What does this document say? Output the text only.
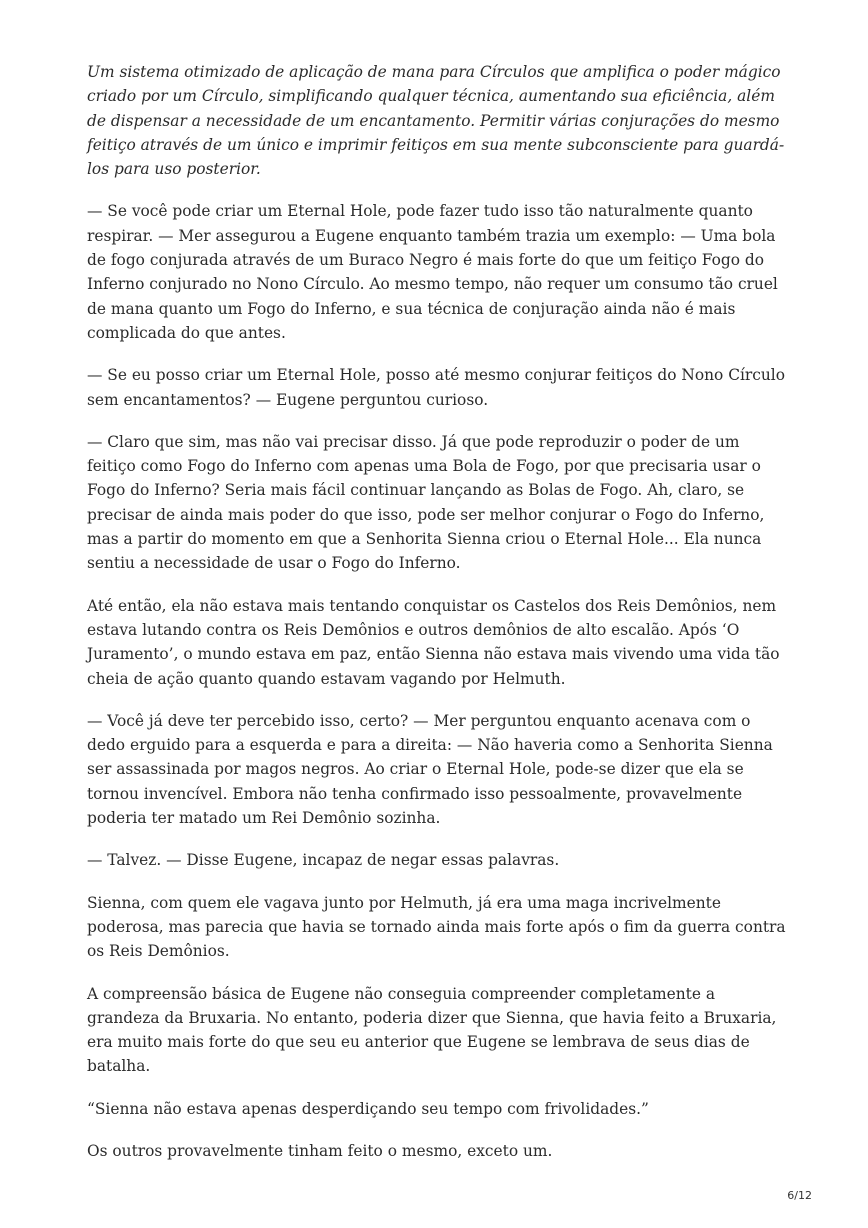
Um sistema otimizado de aplicação de mana para Círculos que amplifica o poder mágico criado por um Círculo, simplificando qualquer técnica, aumentando sua eficiência, além de dispensar a necessidade de um encantamento. Permitir várias conjurações do mesmo feitiço através de um único e imprimir feitiços em sua mente subconsciente para guardá-los para uso posterior.

— Se você pode criar um Eternal Hole, pode fazer tudo isso tão naturalmente quanto respirar. — Mer assegurou a Eugene enquanto também trazia um exemplo: — Uma bola de fogo conjurada através de um Buraco Negro é mais forte do que um feitiço Fogo do Inferno conjurado no Nono Círculo. Ao mesmo tempo, não requer um consumo tão cruel de mana quanto um Fogo do Inferno, e sua técnica de conjuração ainda não é mais complicada do que antes.

— Se eu posso criar um Eternal Hole, posso até mesmo conjurar feitiços do Nono Círculo sem encantamentos? — Eugene perguntou curioso.

— Claro que sim, mas não vai precisar disso. Já que pode reproduzir o poder de um feitiço como Fogo do Inferno com apenas uma Bola de Fogo, por que precisaria usar o Fogo do Inferno? Seria mais fácil continuar lançando as Bolas de Fogo. Ah, claro, se precisar de ainda mais poder do que isso, pode ser melhor conjurar o Fogo do Inferno, mas a partir do momento em que a Senhorita Sienna criou o Eternal Hole... Ela nunca sentiu a necessidade de usar o Fogo do Inferno.

Até então, ela não estava mais tentando conquistar os Castelos dos Reis Demônios, nem estava lutando contra os Reis Demônios e outros demônios de alto escalão. Após ‘O Juramento’, o mundo estava em paz, então Sienna não estava mais vivendo uma vida tão cheia de ação quanto quando estavam vagando por Helmuth.

— Você já deve ter percebido isso, certo? — Mer perguntou enquanto acenava com o dedo erguido para a esquerda e para a direita: — Não haveria como a Senhorita Sienna ser assassinada por magos negros. Ao criar o Eternal Hole, pode-se dizer que ela se tornou invencível. Embora não tenha confirmado isso pessoalmente, provavelmente poderia ter matado um Rei Demônio sozinha.

— Talvez. — Disse Eugene, incapaz de negar essas palavras.

Sienna, com quem ele vagava junto por Helmuth, já era uma maga incrivelmente poderosa, mas parecia que havia se tornado ainda mais forte após o fim da guerra contra os Reis Demônios.

A compreensão básica de Eugene não conseguia compreender completamente a grandeza da Bruxaria. No entanto, poderia dizer que Sienna, que havia feito a Bruxaria, era muito mais forte do que seu eu anterior que Eugene se lembrava de seus dias de batalha.

“Sienna não estava apenas desperdiçando seu tempo com frivolidades.”

Os outros provavelmente tinham feito o mesmo, exceto um.

6/12
